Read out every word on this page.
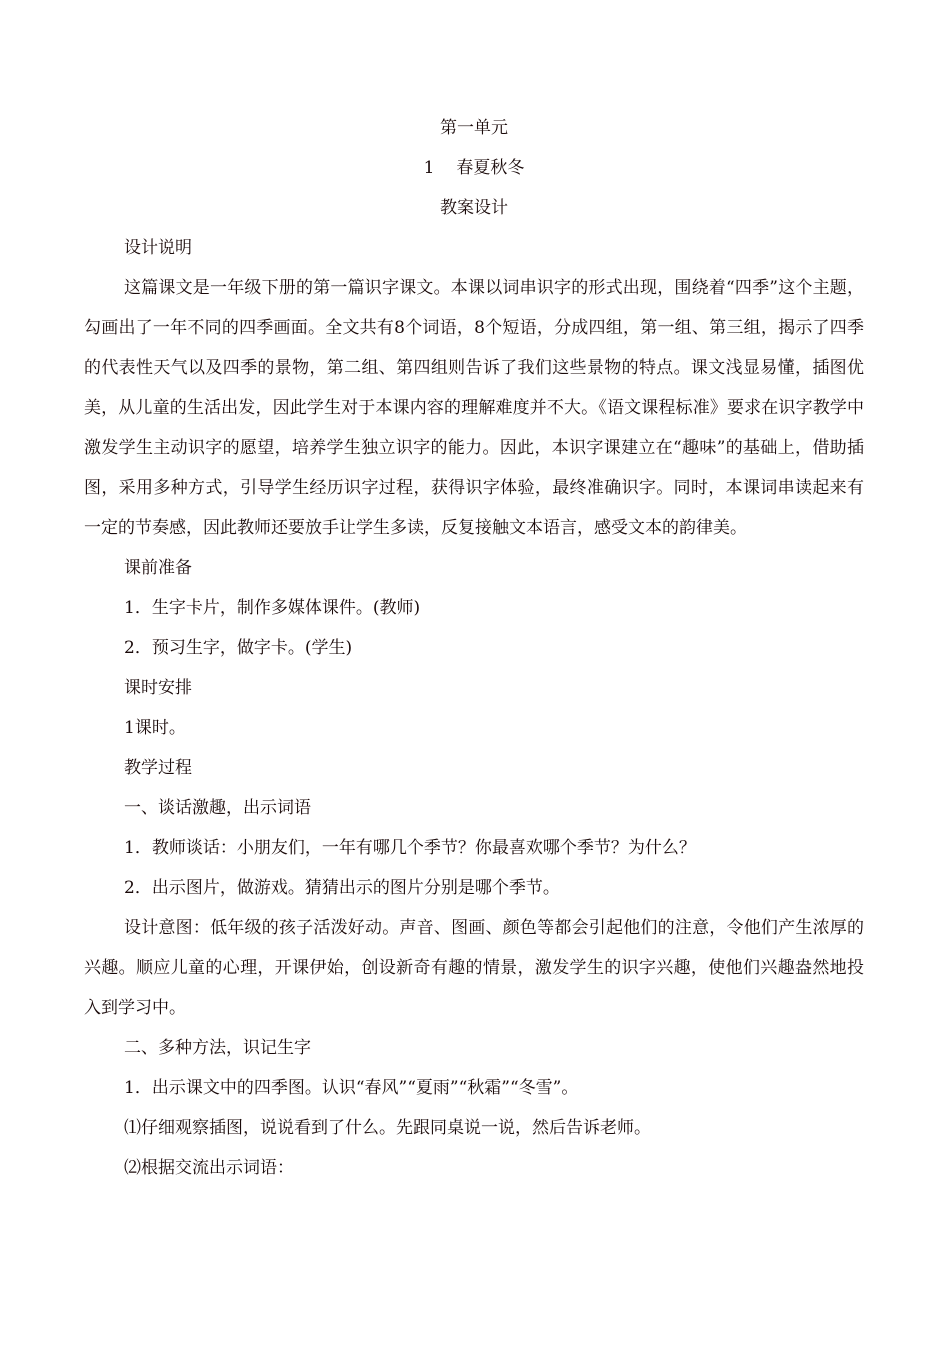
第一单元
1 春夏秋冬
教案设计
设计说明

这篇课文是一年级下册的第一篇识字课文。本课以词串识字的形式出现，围绕着“四季”这个主题，勾画出了一年不同的四季画面。全文共有8个词语，8个短语，分成四组，第一组、第三组，揭示了四季的代表性天气以及四季的景物，第二组、第四组则告诉了我们这些景物的特点。课文浅显易懂，插图优美，从儿童的生活出发，因此学生对于本课内容的理解难度并不大。《语文课程标准》要求在识字教学中激发学生主动识字的愿望，培养学生独立识字的能力。因此，本识字课建立在“趣味”的基础上，借助插图，采用多种方式，引导学生经历识字过程，获得识字体验，最终准确识字。同时，本课词串读起来有一定的节奏感，因此教师还要放手让学生多读，反复接触文本语言，感受文本的韵律美。

课前准备
1．生字卡片，制作多媒体课件。(教师)
2．预习生字，做字卡。(学生)
课时安排
1课时。
教学过程
一、谈话激趣，出示词语
1．教师谈话：小朋友们，一年有哪几个季节？你最喜欢哪个季节？为什么？
2．出示图片，做游戏。猜猜出示的图片分别是哪个季节。

设计意图：低年级的孩子活泼好动。声音、图画、颜色等都会引起他们的注意，令他们产生浓厚的兴趣。顺应儿童的心理，开课伊始，创设新奇有趣的情景，激发学生的识字兴趣，使他们兴趣盎然地投入到学习中。

二、多种方法，识记生字
1．出示课文中的四季图。认识“春风”“夏雨”“秋霜”“冬雪”。
⑴仔细观察插图，说说看到了什么。先跟同桌说一说，然后告诉老师。
⑵根据交流出示词语：
